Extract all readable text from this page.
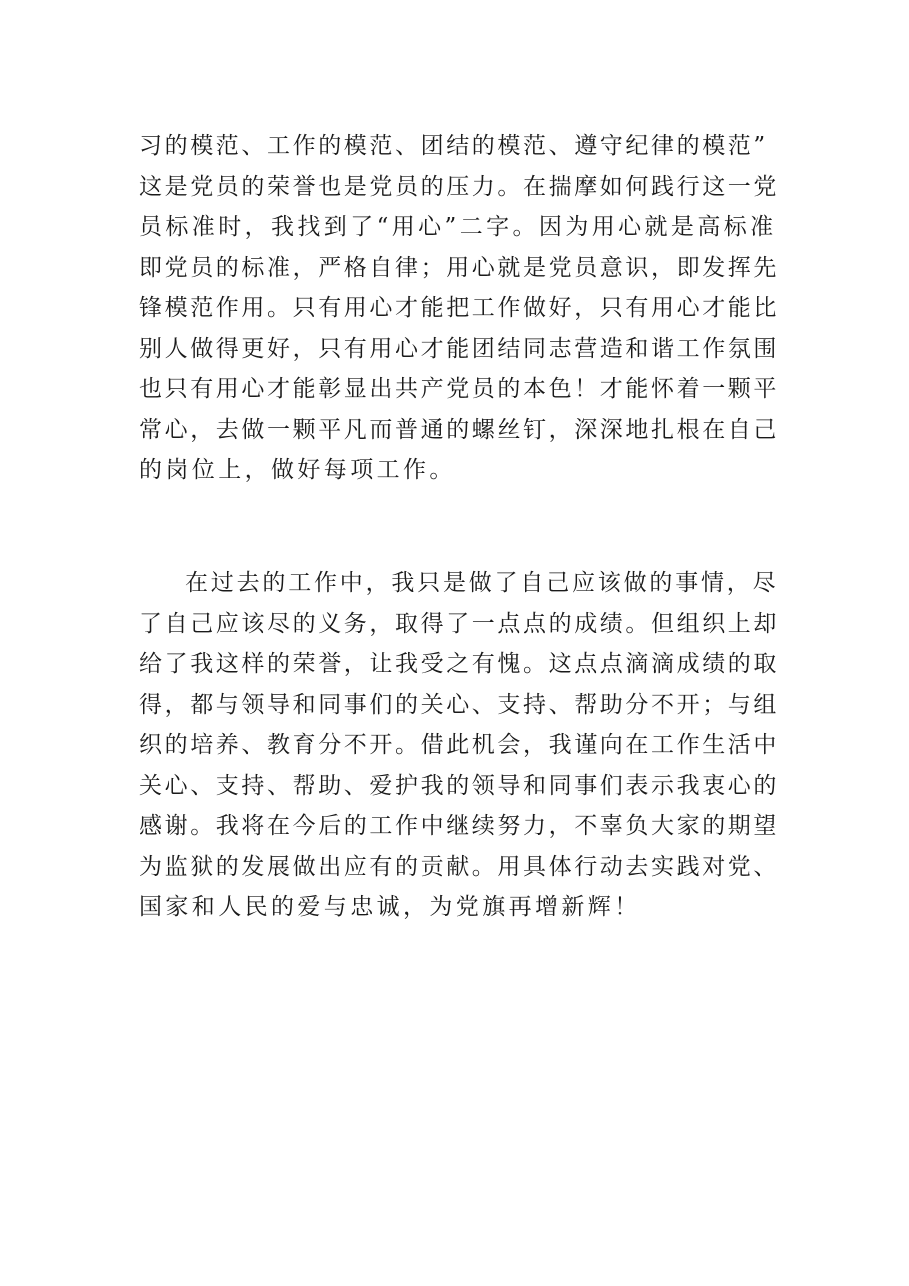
习的模范、工作的模范、团结的模范、遵守纪律的模范”
这是党员的荣誉也是党员的压力。在揣摩如何践行这一党
员标准时，我找到了“用心”二字。因为用心就是高标准
即党员的标准，严格自律；用心就是党员意识，即发挥先
锋模范作用。只有用心才能把工作做好，只有用心才能比
别人做得更好，只有用心才能团结同志营造和谐工作氛围
也只有用心才能彰显出共产党员的本色！才能怀着一颗平
常心，去做一颗平凡而普通的螺丝钉，深深地扎根在自己
的岗位上，做好每项工作。
在过去的工作中，我只是做了自己应该做的事情，尽
了自己应该尽的义务，取得了一点点的成绩。但组织上却
给了我这样的荣誉，让我受之有愧。这点点滴滴成绩的取
得，都与领导和同事们的关心、支持、帮助分不开；与组
织的培养、教育分不开。借此机会，我谨向在工作生活中
关心、支持、帮助、爱护我的领导和同事们表示我衷心的
感谢。我将在今后的工作中继续努力，不辜负大家的期望
为监狱的发展做出应有的贡献。用具体行动去实践对党、
国家和人民的爱与忠诚，为党旗再增新辉！
